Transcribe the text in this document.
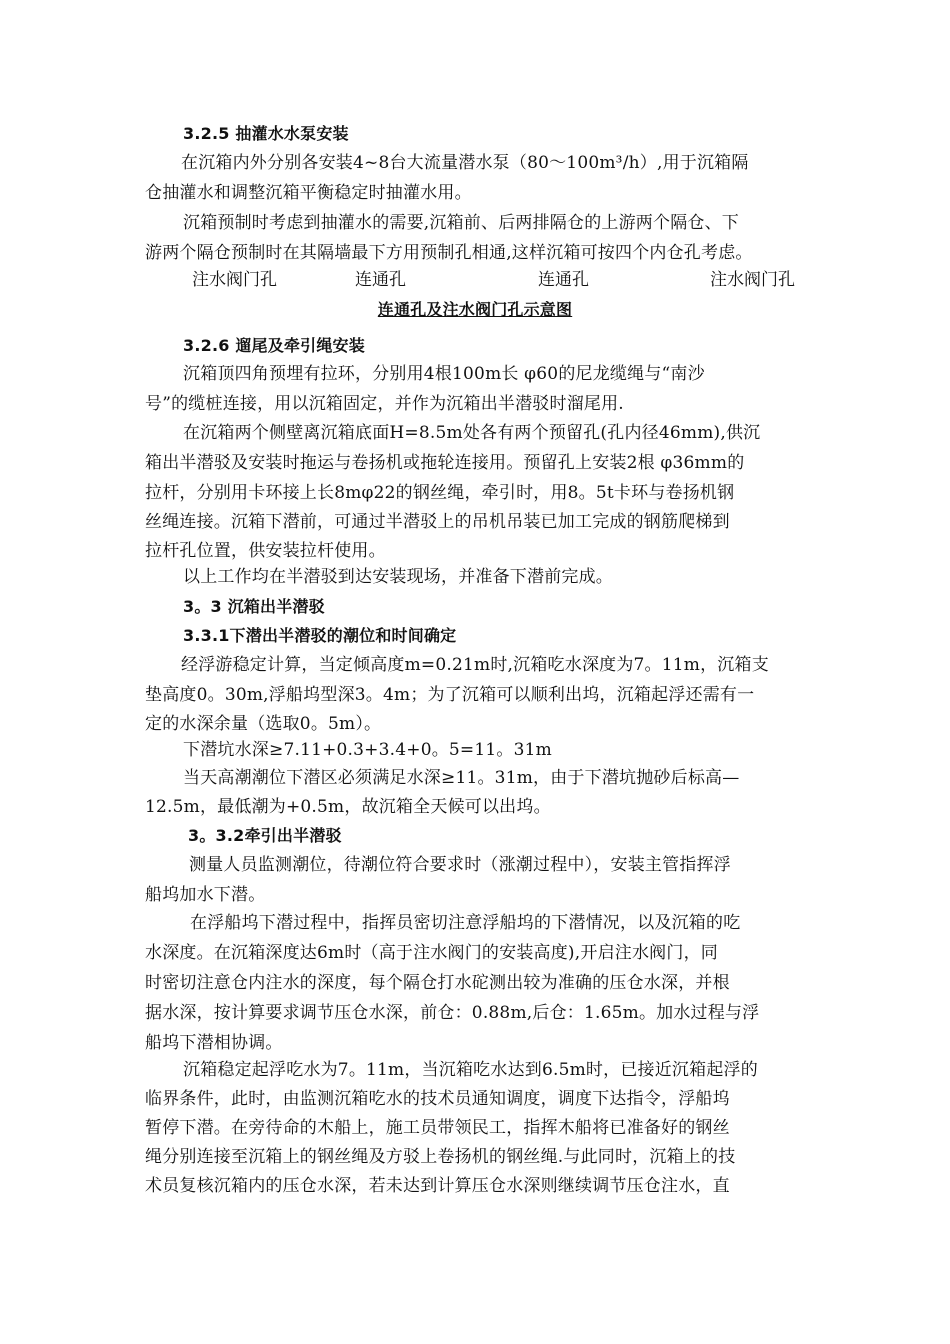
3.2.5 抽灌水水泵安装
在沉箱内外分别各安装4~8台大流量潜水泵（80～100m³/h）,用于沉箱隔
仓抽灌水和调整沉箱平衡稳定时抽灌水用。
沉箱预制时考虑到抽灌水的需要,沉箱前、后两排隔仓的上游两个隔仓、下
游两个隔仓预制时在其隔墙最下方用预制孔相通,这样沉箱可按四个内仓孔考虑。
注水阀门孔	连通孔	连通孔	注水阀门孔
连通孔及注水阀门孔示意图
3.2.6 遛尾及牵引绳安装
沉箱顶四角预埋有拉环，分别用4根100m长 φ60的尼龙缆绳与“南沙
号”的缆桩连接，用以沉箱固定，并作为沉箱出半潜驳时溜尾用.
在沉箱两个侧壁离沉箱底面H=8.5m处各有两个预留孔(孔内径46mm),供沉
箱出半潜驳及安装时拖运与卷扬机或拖轮连接用。预留孔上安装2根 φ36mm的
拉杆，分别用卡环接上长8mφ22的钢丝绳，牵引时，用8。5t卡环与卷扬机钢
丝绳连接。沉箱下潜前，可通过半潜驳上的吊机吊装已加工完成的钢筋爬梯到
拉杆孔位置，供安装拉杆使用。
以上工作均在半潜驳到达安装现场，并准备下潜前完成。
3。3 沉箱出半潜驳
3.3.1下潜出半潜驳的潮位和时间确定
经浮游稳定计算，当定倾高度m=0.21m时,沉箱吃水深度为7。11m，沉箱支
垫高度0。30m,浮船坞型深3。4m；为了沉箱可以顺利出坞，沉箱起浮还需有一
定的水深余量（选取0。5m）。
下潜坑水深≥7.11+0.3+3.4+0。5=11。31m
当天高潮潮位下潜区必须满足水深≥11。31m，由于下潜坑抛砂后标高—
12.5m，最低潮为+0.5m，故沉箱全天候可以出坞。
3。3.2牵引出半潜驳
测量人员监测潮位，待潮位符合要求时（涨潮过程中），安装主管指挥浮
船坞加水下潜。
在浮船坞下潜过程中，指挥员密切注意浮船坞的下潜情况，以及沉箱的吃
水深度。在沉箱深度达6m时（高于注水阀门的安装高度),开启注水阀门，同
时密切注意仓内注水的深度，每个隔仓打水砣测出较为准确的压仓水深，并根
据水深，按计算要求调节压仓水深，前仓：0.88m,后仓：1.65m。加水过程与浮
船坞下潜相协调。
沉箱稳定起浮吃水为7。11m，当沉箱吃水达到6.5m时，已接近沉箱起浮的
临界条件，此时，由监测沉箱吃水的技术员通知调度，调度下达指令，浮船坞
暂停下潜。在旁待命的木船上，施工员带领民工，指挥木船将已准备好的钢丝
绳分别连接至沉箱上的钢丝绳及方驳上卷扬机的钢丝绳.与此同时，沉箱上的技
术员复核沉箱内的压仓水深，若未达到计算压仓水深则继续调节压仓注水，直
